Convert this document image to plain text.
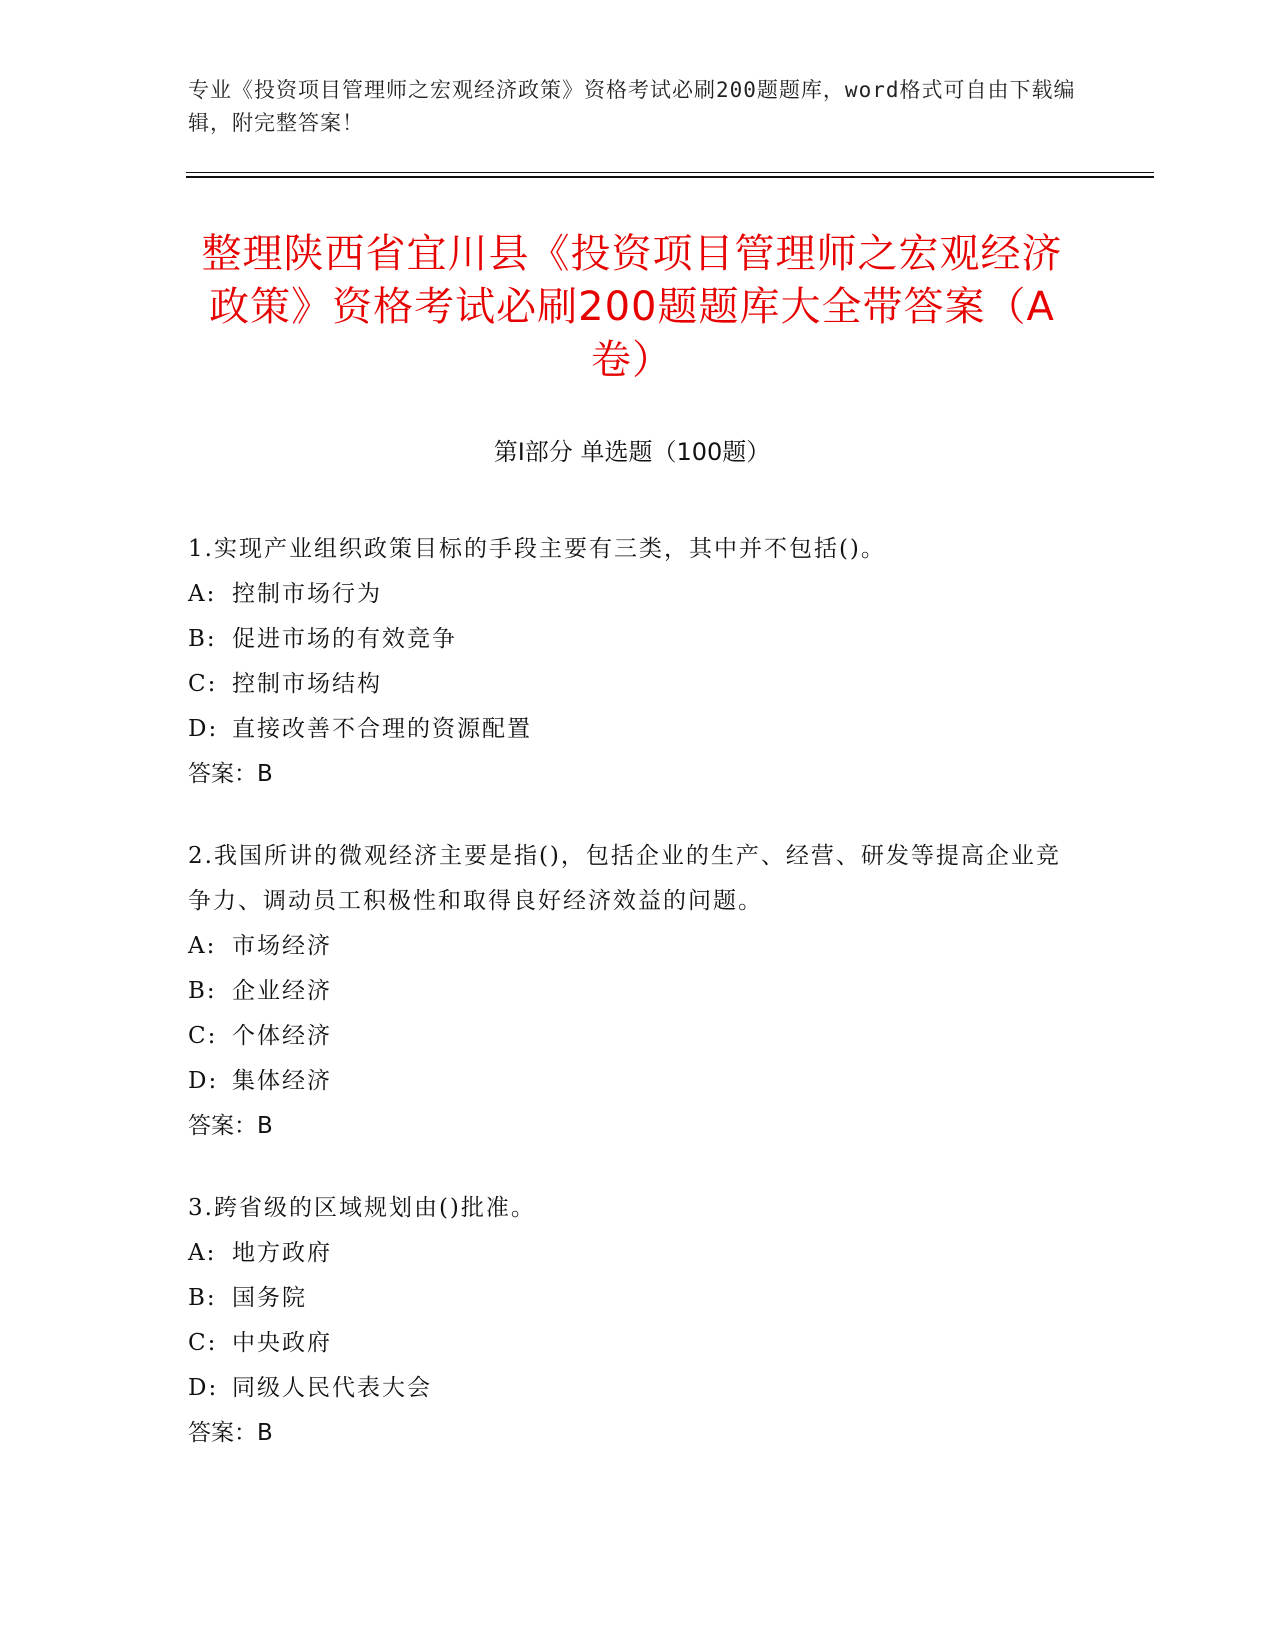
专业《投资项目管理师之宏观经济政策》资格考试必刷200题题库，word格式可自由下载编辑，附完整答案！
整理陕西省宜川县《投资项目管理师之宏观经济政策》资格考试必刷200题题库大全带答案（A卷）
第I部分 单选题（100题）

1.实现产业组织政策目标的手段主要有三类，其中并不包括()。

A: 控制市场行为

B: 促进市场的有效竞争

C: 控制市场结构

D: 直接改善不合理的资源配置

答案：B

2.我国所讲的微观经济主要是指()，包括企业的生产、经营、研发等提高企业竞争力、调动员工积极性和取得良好经济效益的问题。

A: 市场经济

B: 企业经济

C: 个体经济

D: 集体经济

答案：B

3.跨省级的区域规划由()批准。

A: 地方政府

B: 国务院

C: 中央政府

D: 同级人民代表大会

答案：B
